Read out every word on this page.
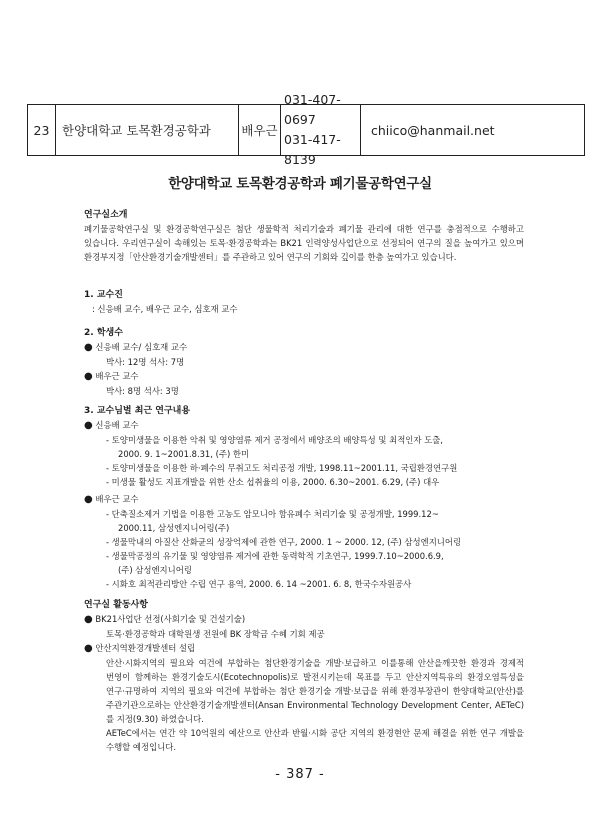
23	한양대학교 토목환경공학과	배우근
031-407-0697
031-417-8139
chiico@hanmail.net
한양대학교 토목환경공학과 폐기물공학연구실
연구실소개
폐기물공학연구실 및 환경공학연구실은 첨단 생물학적 처리기술과 폐기물 관리에 대한 연구를 충점적으로 수행하고 있습니다. 우리연구실이 속해있는 토목·환경공학과는 BK21 인력양성사업단으로 선정되어 연구의 질을 높여가고 있으며 환경부지정「안산환경기술개발센터」를 주관하고 있어 연구의 기회와 깊이를 한층 높여가고 있습니다.
1. 교수진
: 신응배 교수, 배우근 교수, 심호재 교수
2. 학생수
● 신응배 교수/ 심호재 교수
박사: 12명 석사: 7명
● 배우근 교수
박사: 8명 석사: 3명
3. 교수님별 최근 연구내용
● 신응배 교수
- 토양미생물을 이용한 악취 및 영양염류 제거 공정에서 배양조의 배양특성 및 최적인자 도출,
2000. 9. 1~2001.8.31, (주) 한미
- 토양미생물을 이용한 하·폐수의 무취고도 처리공정 개발, 1998.11~2001.11, 국립환경연구원
- 미생물 활성도 지표개발을 위한 산소 섭취율의 이용, 2000. 6.30~2001. 6.29, (주) 대우
● 배우근 교수
- 단축질소제거 기법을 이용한 고농도 암모니아 함유폐수 처리기술 및 공정개발, 1999.12~
2000.11, 삼성엔지니어링(주)
- 생물막내의 아질산 산화균의 성장억제에 관한 연구, 2000. 1 ~ 2000. 12, (주) 삼성엔지니어링
- 생물막공정의 유기물 및 영양염류 제거에 관한 동력학적 기초연구, 1999.7.10~2000.6.9,
(주) 삼성엔지니어링
- 시화호 최적관리방안 수립 연구 용역, 2000. 6. 14 ~2001. 6. 8, 한국수자원공사
연구실 활동사항
● BK21사업단 선정(사회기술 및 건설기술)
토목·환경공학과 대학원생 전원에 BK 장학금 수혜 기회 제공
● 안산지역환경개발센터 설립
안산·시화지역의 필요와 여건에 부합하는 첨단환경기술을 개발·보급하고 이를통해 안산을깨끗한 환경과 경제적 번영이 함께하는 환경기술도시(Ecotechnopolis)로 발전시키는데 목표를 두고 안산지역특유의 환경오염특성을 연구·규명하여 지역의 필요와 여건에 부합하는 첨단 환경기술 개발·보급을 위해 환경부장관이 한양대학교(안산)를 주관기관으로하는 안산환경기술개발센터(Ansan Environmental Technology Development Center, AETeC)를 지정(9.30) 하였습니다.
AETeC에서는 연간 약 10억원의 예산으로 안산과 반월·시화 공단 지역의 환경현안 문제 해결을 위한 연구 개발을 수행할 예정입니다.
- 387 -
